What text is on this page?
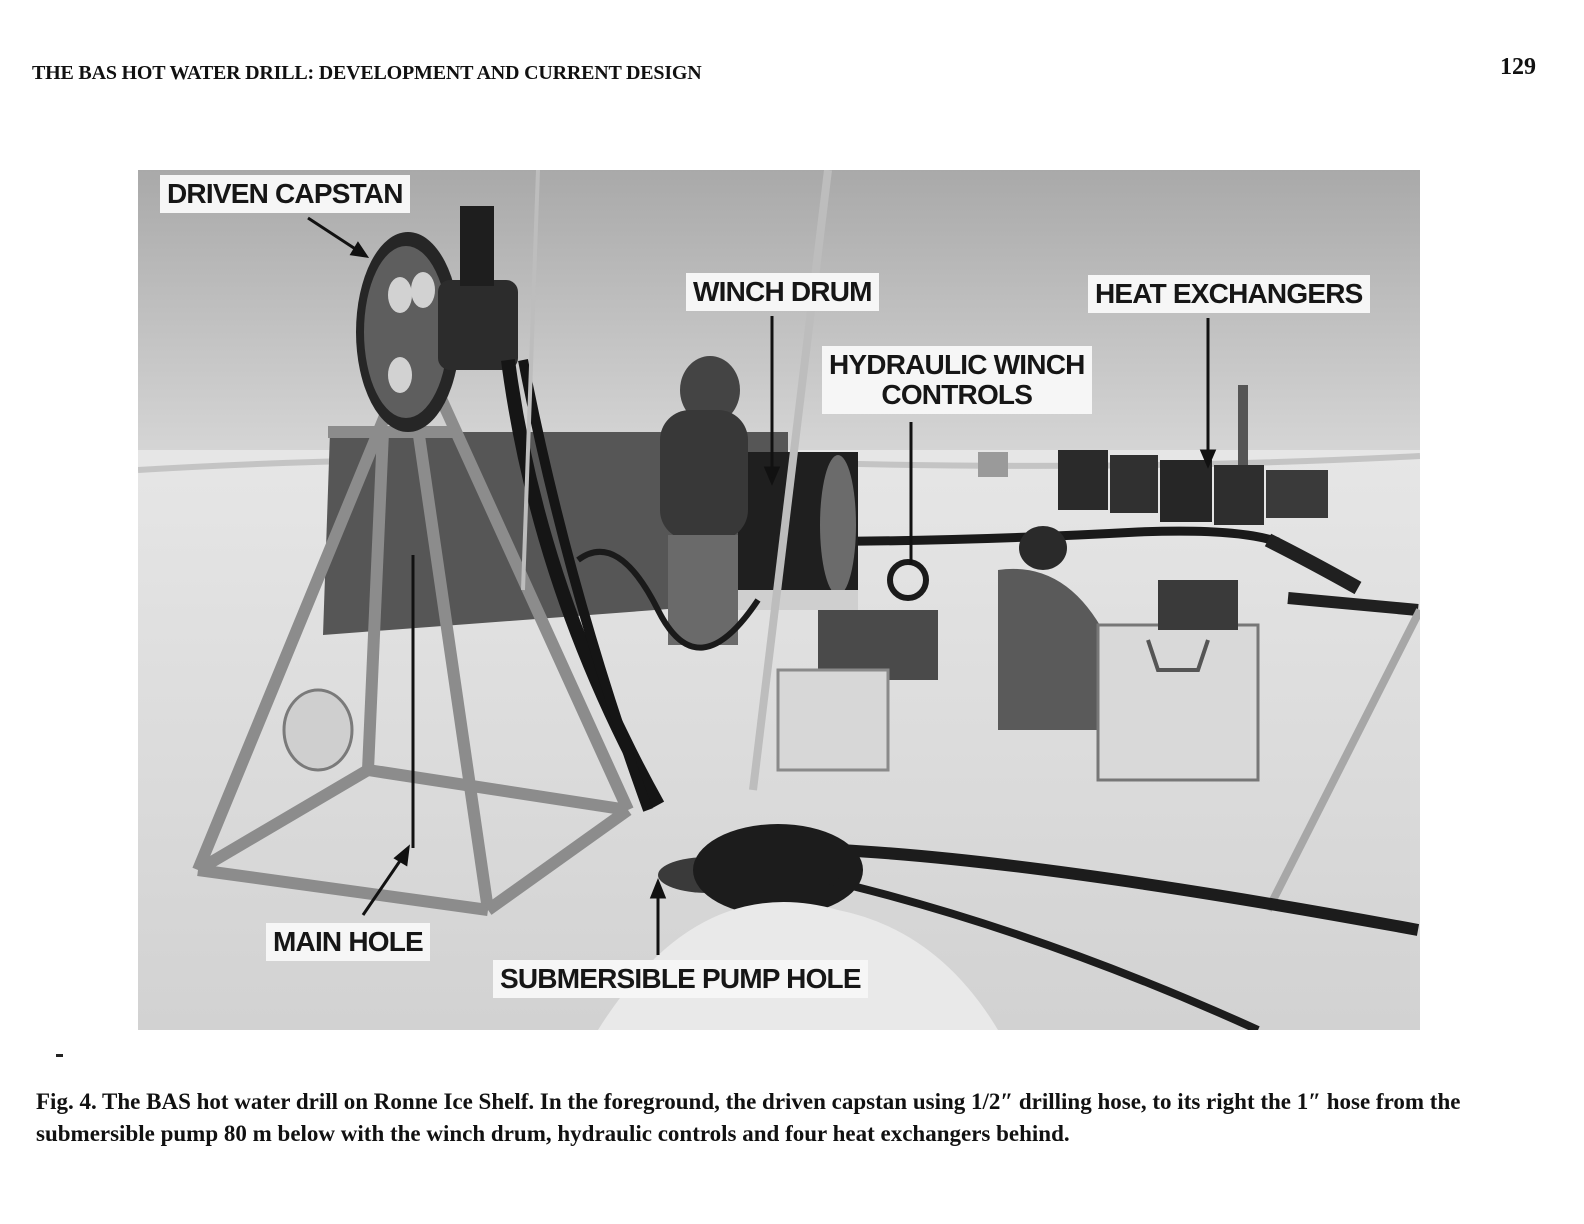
THE BAS HOT WATER DRILL: DEVELOPMENT AND CURRENT DESIGN	129
DRIVEN CAPSTAN
WINCH DRUM	HEAT EXCHANGERS
HYDRAULIC WINCH
CONTROLS
MAIN HOLE
SUBMERSIBLE PUMP HOLE
Fig. 4. The BAS hot water drill on Ronne Ice Shelf. In the foreground, the driven capstan using 1/2″ drilling hose, to its right the 1″ hose from the submersible pump 80 m below with the winch drum, hydraulic controls and four heat exchangers behind.
